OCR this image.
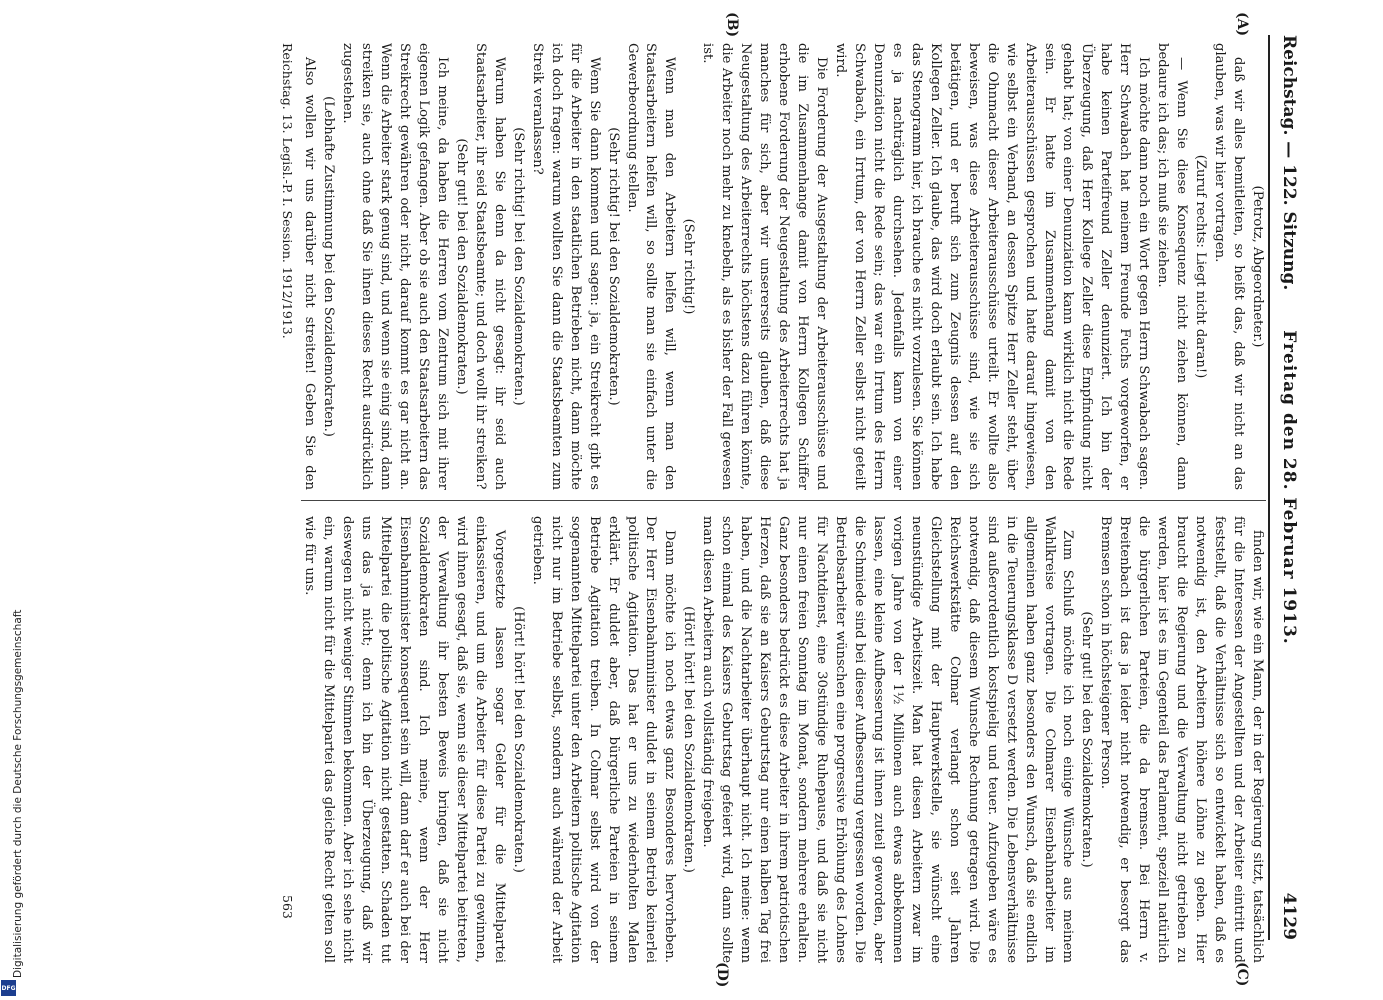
Digitalisierung gefördert durch die Deutsche Forschungsgemeinschaft
DFG
Reichstag. — 122. Sitzung.
Freitag den 28. Februar 1913.
4129
(A)
(B)
(C)
(D)

(Petrotz, Abgeordneter.)

daß wir alles bemitleiten, so heißt das, daß wir nicht an das glauben, was wir hier vortragen.

(Zuruf rechts: Liegt nicht daran!)

— Wenn Sie diese Konsequenz nicht ziehen können, dann bedaure ich das; ich muß sie ziehen.

Ich möchte dann noch ein Wort gegen Herrn Schwabach sagen. Herr Schwabach hat meinem Freunde Fuchs vorgeworfen, er habe keinen Parteifreund Zeller denunziert. Ich bin der Überzeugung, daß Herr Kollege Zeller diese Empfindung nicht gehabt hat; von einer Denunziation kann wirklich nicht die Rede sein. Er hatte im Zusammenhang damit von den Arbeiterausschüssen gesprochen und hatte darauf hingewiesen, wie selbst ein Verband, an dessen Spitze Herr Zeller steht, über die Ohnmacht dieser Arbeiterausschüsse urteilt. Er wollte also beweisen, was diese Arbeiterausschüsse sind, wie sie sich betätigen, und er beruft sich zum Zeugnis dessen auf den Kollegen Zeller. Ich glaube, das wird doch erlaubt sein. Ich habe das Stenogramm hier, ich brauche es nicht vorzulesen. Sie können es ja nachträglich durchsehen. Jedenfalls kann von einer Denunziation nicht die Rede sein; das war ein Irrtum des Herrn Schwabach, ein Irrtum, der von Herrn Zeller selbst nicht geteilt wird.

Die Forderung der Ausgestaltung der Arbeiterausschüsse und die im Zusammenhange damit von Herrn Kollegen Schiffer erhobene Forderung der Neugestaltung des Arbeiterrechts hat ja manches für sich, aber wir unsererseits glauben, daß diese Neugestaltung des Arbeiterrechts höchstens dazu führen könnte, die Arbeiter noch mehr zu knebeln, als es bisher der Fall gewesen ist.

(Sehr richtig!)

Wenn man den Arbeitern helfen will, wenn man den Staatsarbeitern helfen will, so sollte man sie einfach unter die Gewerbeordnung stellen.

(Sehr richtig! bei den Sozialdemokraten.)

Wenn Sie dann kommen und sagen: ja, ein Streikrecht gibt es für die Arbeiter in den staatlichen Betrieben nicht, dann möchte ich doch fragen: warum wollten Sie dann die Staatsbeamten zum Streik veranlassen?

(Sehr richtig! bei den Sozialdemokraten.)

Warum haben Sie denn da nicht gesagt: ihr seid auch Staatsarbeiter, ihr seid Staatsbeamte; und doch wollt ihr streiken?

(Sehr gut! bei den Sozialdemokraten.)

Ich meine, da haben die Herren vom Zentrum sich mit ihrer eigenen Logik gefangen. Aber ob sie auch den Staatsarbeitern das Streikrecht gewähren oder nicht, darauf kommt es gar nicht an. Wenn die Arbeiter stark genug sind, und wenn sie einig sind, dann streiken sie, auch ohne daß Sie ihnen dieses Recht ausdrücklich zugestehen.

(Lebhafte Zustimmung bei den Sozialdemokraten.)

Also wollen wir uns darüber nicht streiten! Geben Sie den

finden wir, wie ein Mann, der in der Regierung sitzt, tatsächlich für die Interessen der Angestellten und der Arbeiter eintritt und feststellt, daß die Verhältnisse sich so entwickelt haben, daß es notwendig ist, den Arbeitern höhere Löhne zu geben. Hier braucht die Regierung und die Verwaltung nicht getrieben zu werden, hier ist es im Gegenteil das Parlament, speziell natürlich die bürgerlichen Parteien, die da bremsen. Bei Herrn v. Breitenbach ist das ja leider nicht notwendig, er besorgt das Bremsen schon in höchsteigener Person.

(Sehr gut! bei den Sozialdemokraten.)

Zum Schluß möchte ich noch einige Wünsche aus meinem Wahlkreise vortragen. Die Colmarer Eisenbahnarbeiter im allgemeinen haben ganz besonders den Wunsch, daß sie endlich in die Teuerungsklasse D versetzt werden. Die Lebensverhältnisse sind außerordentlich kostspielig und teuer. Aufzugeben wäre es notwendig, daß diesem Wunsche Rechnung getragen wird. Die Reichswerkstätte Colmar verlangt schon seit Jahren Gleichstellung mit der Hauptwerkstelle, sie wünscht eine neunstündige Arbeitszeit. Man hat diesen Arbeitern zwar im vorigen Jahre von der 1½ Millionen auch etwas abbekommen lassen, eine kleine Aufbesserung ist ihnen zuteil geworden, aber die Schmiede sind bei dieser Aufbesserung vergessen worden. Die Betriebsarbeiter wünschen eine progressive Erhöhung des Lohnes für Nachtdienst, eine 30stündige Ruhepause, und daß sie nicht nur einen freien Sonntag im Monat, sondern mehrere erhalten. Ganz besonders bedrückt es diese Arbeiter in ihrem patriotischen Herzen, daß sie an Kaisers Geburtstag nur einen halben Tag frei haben, und die Nachtarbeiter überhaupt nicht. Ich meine: wenn schon einmal des Kaisers Geburtstag gefeiert wird, dann sollte man diesen Arbeitern auch vollständig freigeben.

(Hört! hört! bei den Sozialdemokraten.)

Dann möchte ich noch etwas ganz Besonderes hervorheben. Der Herr Eisenbahnminister duldet in seinem Betrieb keinerlei politische Agitation. Das hat er uns zu wiederholten Malen erklärt. Er duldet aber, daß bürgerliche Parteien in seinem Betriebe Agitation treiben. In Colmar selbst wird von der sogenannten Mittelpartei unter den Arbeitern politische Agitation nicht nur im Betriebe selbst, sondern auch während der Arbeit getrieben.

(Hört! hört! bei den Sozialdemokraten.)

Vorgesetzte lassen sogar Gelder für die Mittelpartei einkassieren, und um die Arbeiter für diese Partei zu gewinnen, wird ihnen gesagt, daß sie, wenn sie dieser Mittelpartei beitreten, der Verwaltung ihr besten Beweis bringen, daß sie nicht Sozialdemokraten sind. Ich meine, wenn der Herr Eisenbahnminister konsequent sein will, dann darf er auch bei der Mittelpartei die politische Agitation nicht gestatten. Schaden tut uns das ja nicht; denn ich bin der Überzeugung, daß wir deswegen nicht weniger Stimmen bekommen. Aber ich sehe nicht ein, warum nicht für die Mittelpartei das gleiche Recht gelten soll wie für uns.

Reichstag. 13. Legisl.-P. I. Session. 1912/1913.
563
